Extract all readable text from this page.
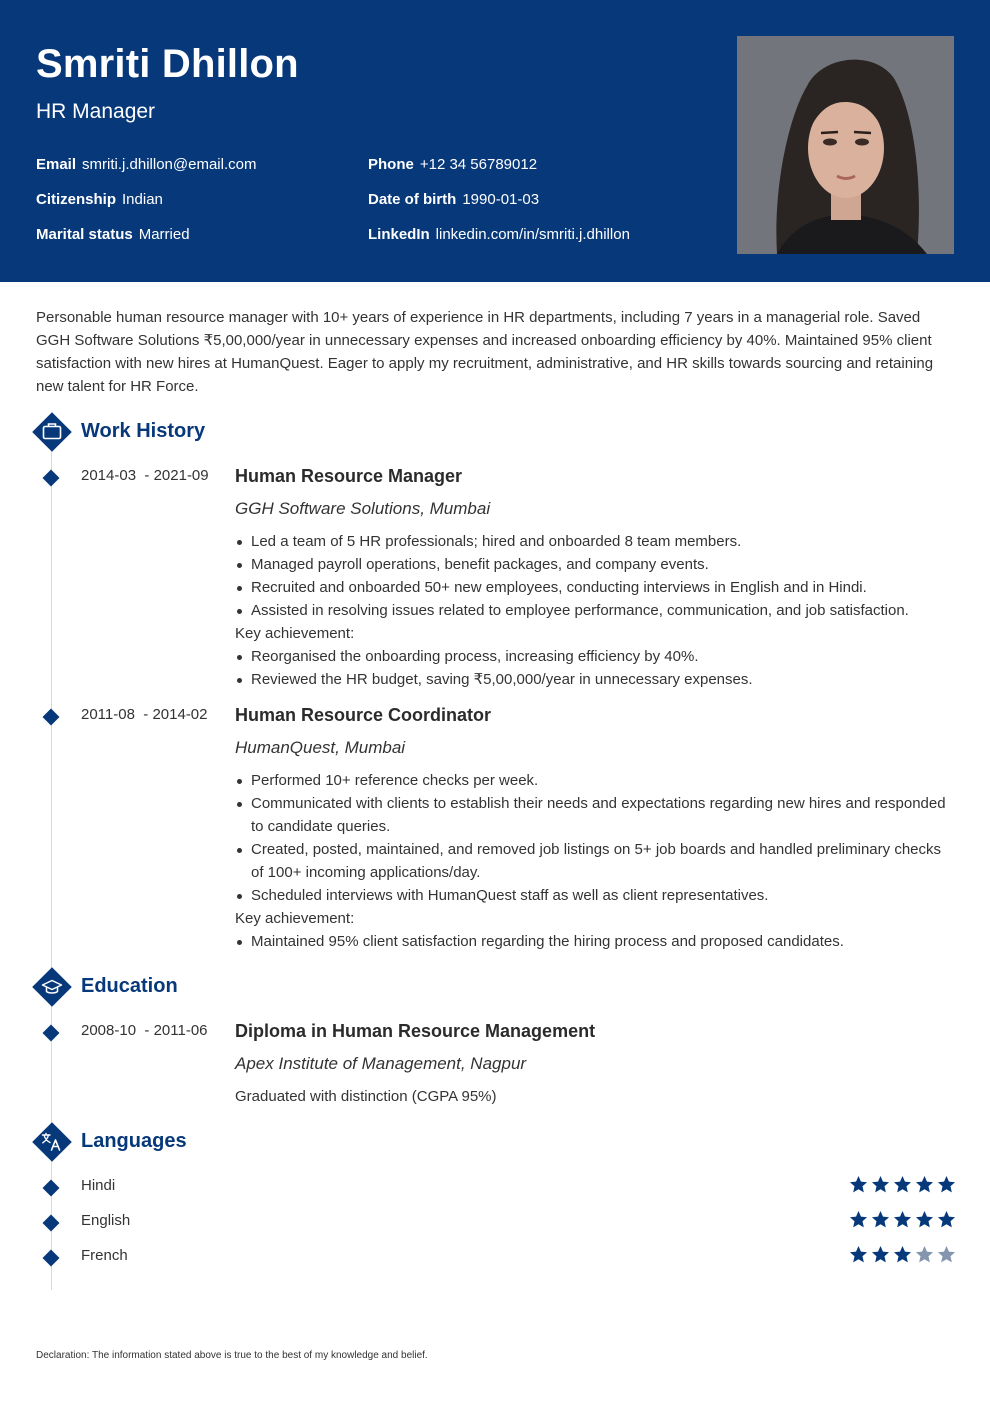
Smriti Dhillon
HR Manager
Email smriti.j.dhillon@email.com	Phone +12 34 56789012
Citizenship Indian	Date of birth 1990-01-03
Marital status Married	LinkedIn linkedin.com/in/smriti.j.dhillon
Personable human resource manager with 10+ years of experience in HR departments, including 7 years in a managerial role. Saved GGH Software Solutions ₹5,00,000/year in unnecessary expenses and increased onboarding efficiency by 40%. Maintained 95% client satisfaction with new hires at HumanQuest. Eager to apply my recruitment, administrative, and HR skills towards sourcing and retaining new talent for HR Force.
Work History
2014-03 - 2021-09 Human Resource Manager
GGH Software Solutions, Mumbai
Led a team of 5 HR professionals; hired and onboarded 8 team members.
Managed payroll operations, benefit packages, and company events.
Recruited and onboarded 50+ new employees, conducting interviews in English and in Hindi.
Assisted in resolving issues related to employee performance, communication, and job satisfaction.
Key achievement:
Reorganised the onboarding process, increasing efficiency by 40%.
Reviewed the HR budget, saving ₹5,00,000/year in unnecessary expenses.
2011-08 - 2014-02 Human Resource Coordinator
HumanQuest, Mumbai
Performed 10+ reference checks per week.
Communicated with clients to establish their needs and expectations regarding new hires and responded to candidate queries.
Created, posted, maintained, and removed job listings on 5+ job boards and handled preliminary checks of 100+ incoming applications/day.
Scheduled interviews with HumanQuest staff as well as client representatives.
Key achievement:
Maintained 95% client satisfaction regarding the hiring process and proposed candidates.
Education
2008-10 - 2011-06 Diploma in Human Resource Management
Apex Institute of Management, Nagpur
Graduated with distinction (CGPA 95%)
Languages
Hindi
English
French
Declaration: The information stated above is true to the best of my knowledge and belief.
